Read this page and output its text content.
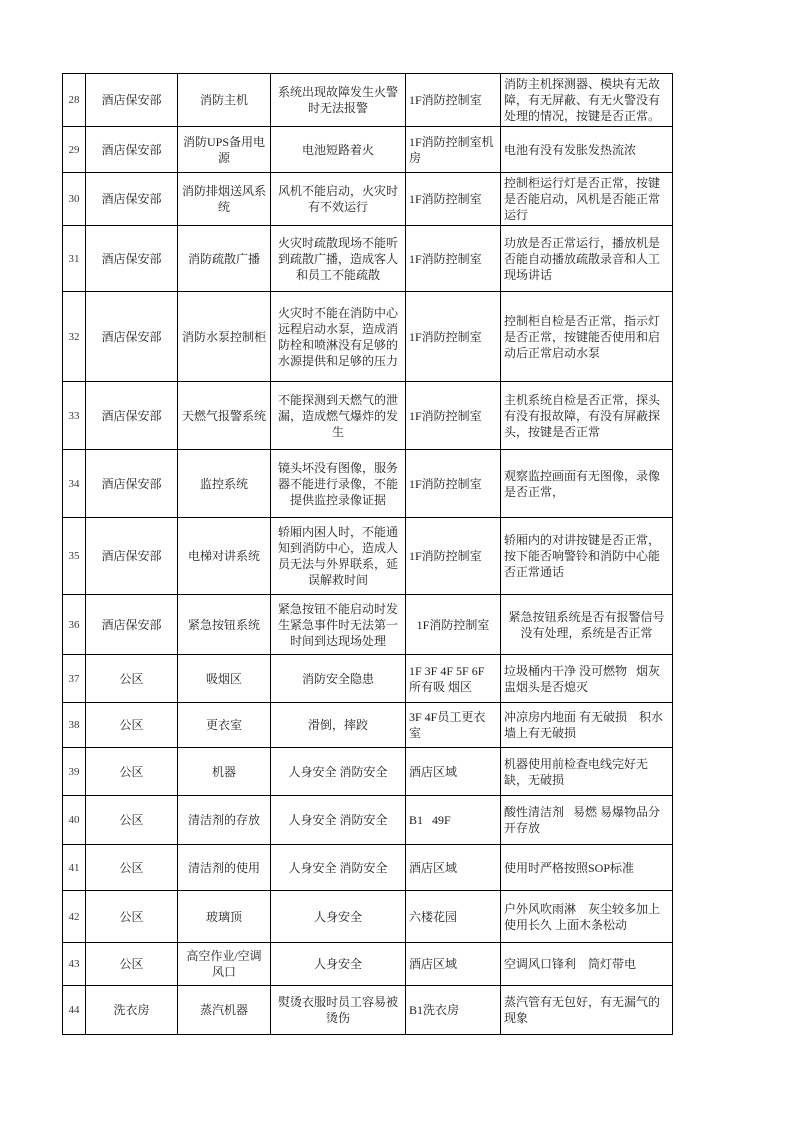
28	酒店保安部	消防主机	系统出现故障发生火警时无法报警	1F消防控制室	消防主机探测器、模块有无故障，有无屏蔽、有无火警没有处理的情况，按键是否正常。
29	酒店保安部	消防UPS备用电源	电池短路着火	1F消防控制室机房	电池有没有发胀发热流浓
30	酒店保安部	消防排烟送风系统	风机不能启动，火灾时有不效运行	1F消防控制室	控制柜运行灯是否正常，按键是否能启动，风机是否能正常运行
31	酒店保安部	消防疏散广播	火灾时疏散现场不能听到疏散广播，造成客人和员工不能疏散	1F消防控制室	功放是否正常运行，播放机是否能自动播放疏散录音和人工现场讲话
32	酒店保安部	消防水泵控制柜	火灾时不能在消防中心远程启动水泵，造成消防栓和喷淋没有足够的水源提供和足够的压力	1F消防控制室	控制柜自检是否正常，指示灯是否正常，按键能否使用和启动后正常启动水泵
33	酒店保安部	天燃气报警系统	不能探测到天燃气的泄漏，造成燃气爆炸的发生	1F消防控制室	主机系统自检是否正常，探头有没有报故障，有没有屏蔽探头，按键是否正常
34	酒店保安部	监控系统	镜头坏没有图像，服务器不能进行录像，不能提供监控录像证据	1F消防控制室	观察监控画面有无图像，录像是否正常，
35	酒店保安部	电梯对讲系统	轿厢内困人时，不能通知到消防中心，造成人员无法与外界联系，延误解救时间	1F消防控制室	轿厢内的对讲按键是否正常，按下能否响警铃和消防中心能否正常通话
36	酒店保安部	紧急按钮系统	紧急按钮不能启动时发生紧急事件时无法第一时间到达现场处理	1F消防控制室	紧急按钮系统是否有报警信号没有处理，系统是否正常
37	公区	吸烟区	消防安全隐患	1F 3F 4F 5F 6F 所有吸 烟区	垃圾桶内干净 没可燃物   烟灰     盅烟头是否熄灭
38	公区	更衣室	滑倒，摔跤	3F 4F员工更衣室	冲凉房内地面 有无破损    积水     墙上有无破损
39	公区	机器	人身安全 消防安全	酒店区域	机器使用前检查电线完好无缺，无破损
40	公区	清洁剂的存放	人身安全 消防安全	B1   49F	酸性清洁剂   易燃 易爆物品分开存放
41	公区	清洁剂的使用	人身安全 消防安全	酒店区域	使用时严格按照SOP标准
42	公区	玻璃顶	人身安全	六楼花园	户外风吹雨淋    灰尘较多加上使用长久 上面木条松动
43	公区	高空作业/空调风口	人身安全	酒店区域	空调风口锋利    筒灯带电
44	洗衣房	蒸汽机器	熨烫衣服时员工容易被烫伤	B1洗衣房	蒸汽管有无包好，有无漏气的现象
